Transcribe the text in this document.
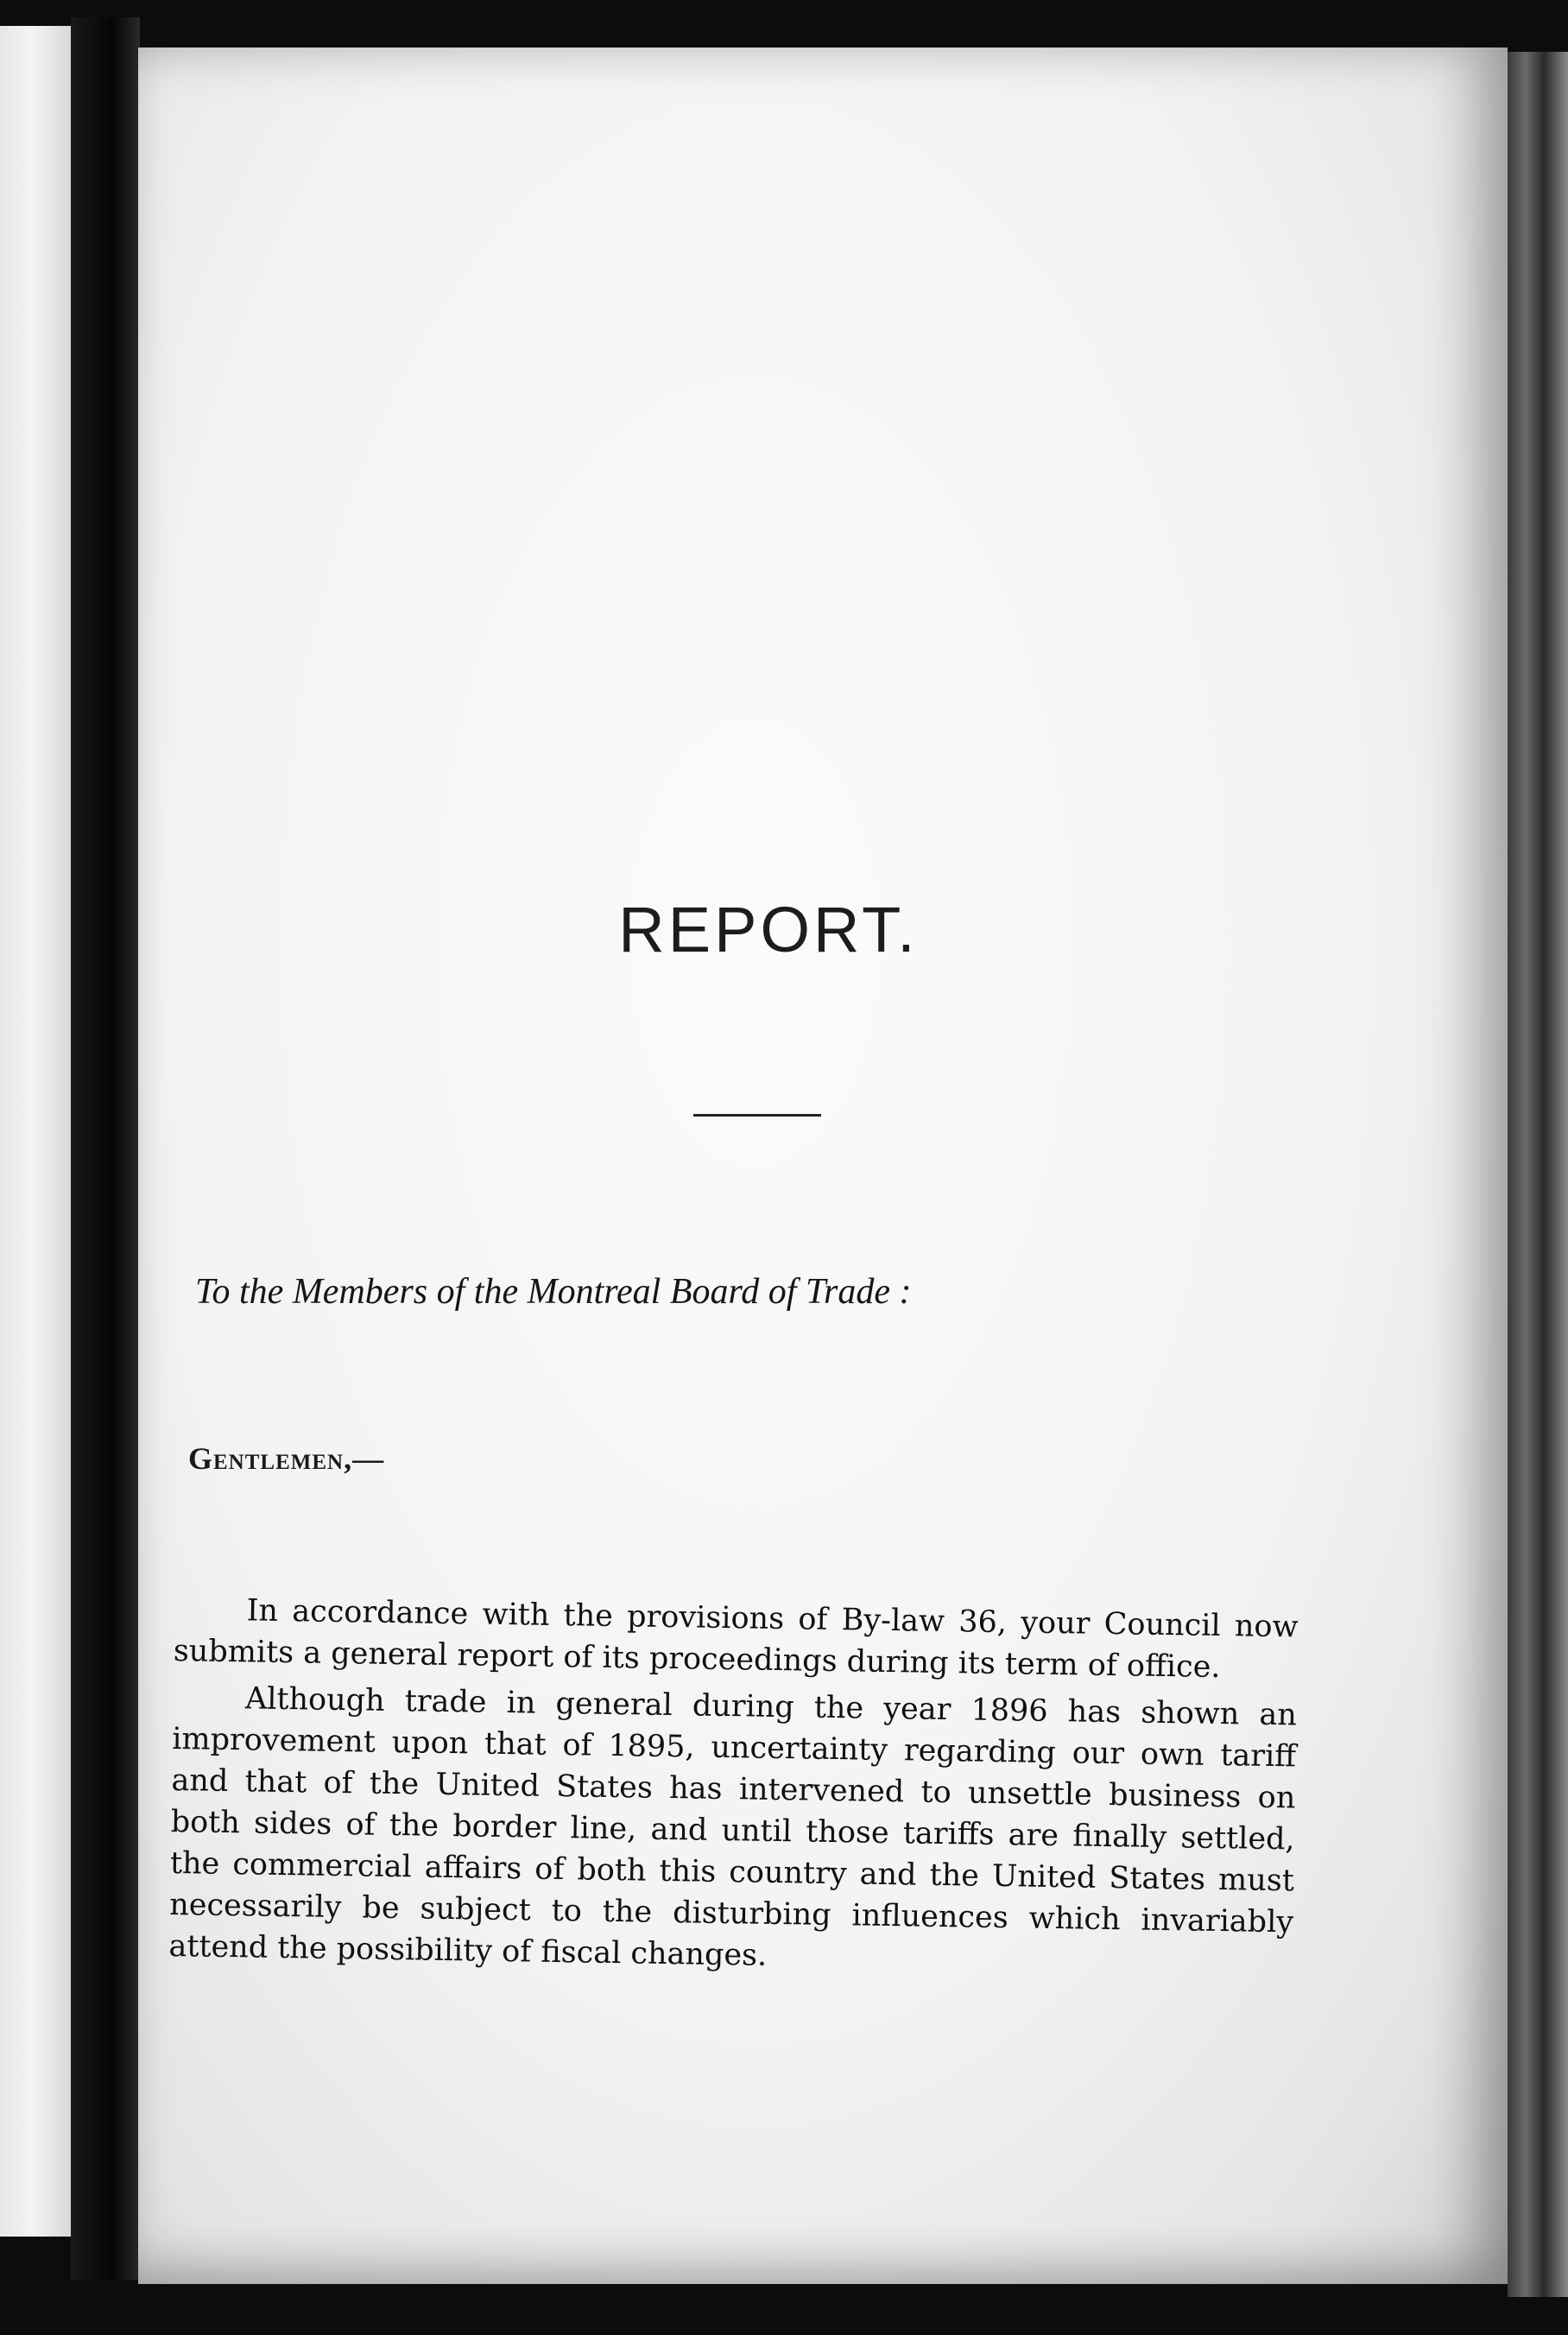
REPORT.
To the Members of the Montreal Board of Trade :
Gentlemen,—

In accordance with the provisions of By-law 36, your Council now submits a general report of its proceedings during its term of office.

Although trade in general during the year 1896 has shown an improvement upon that of 1895, uncertainty regarding our own tariff and that of the United States has intervened to unsettle business on both sides of the border line, and until those tariffs are finally settled, the commercial affairs of both this country and the United States must necessarily be subject to the disturbing influences which invariably attend the possibility of fiscal changes.
